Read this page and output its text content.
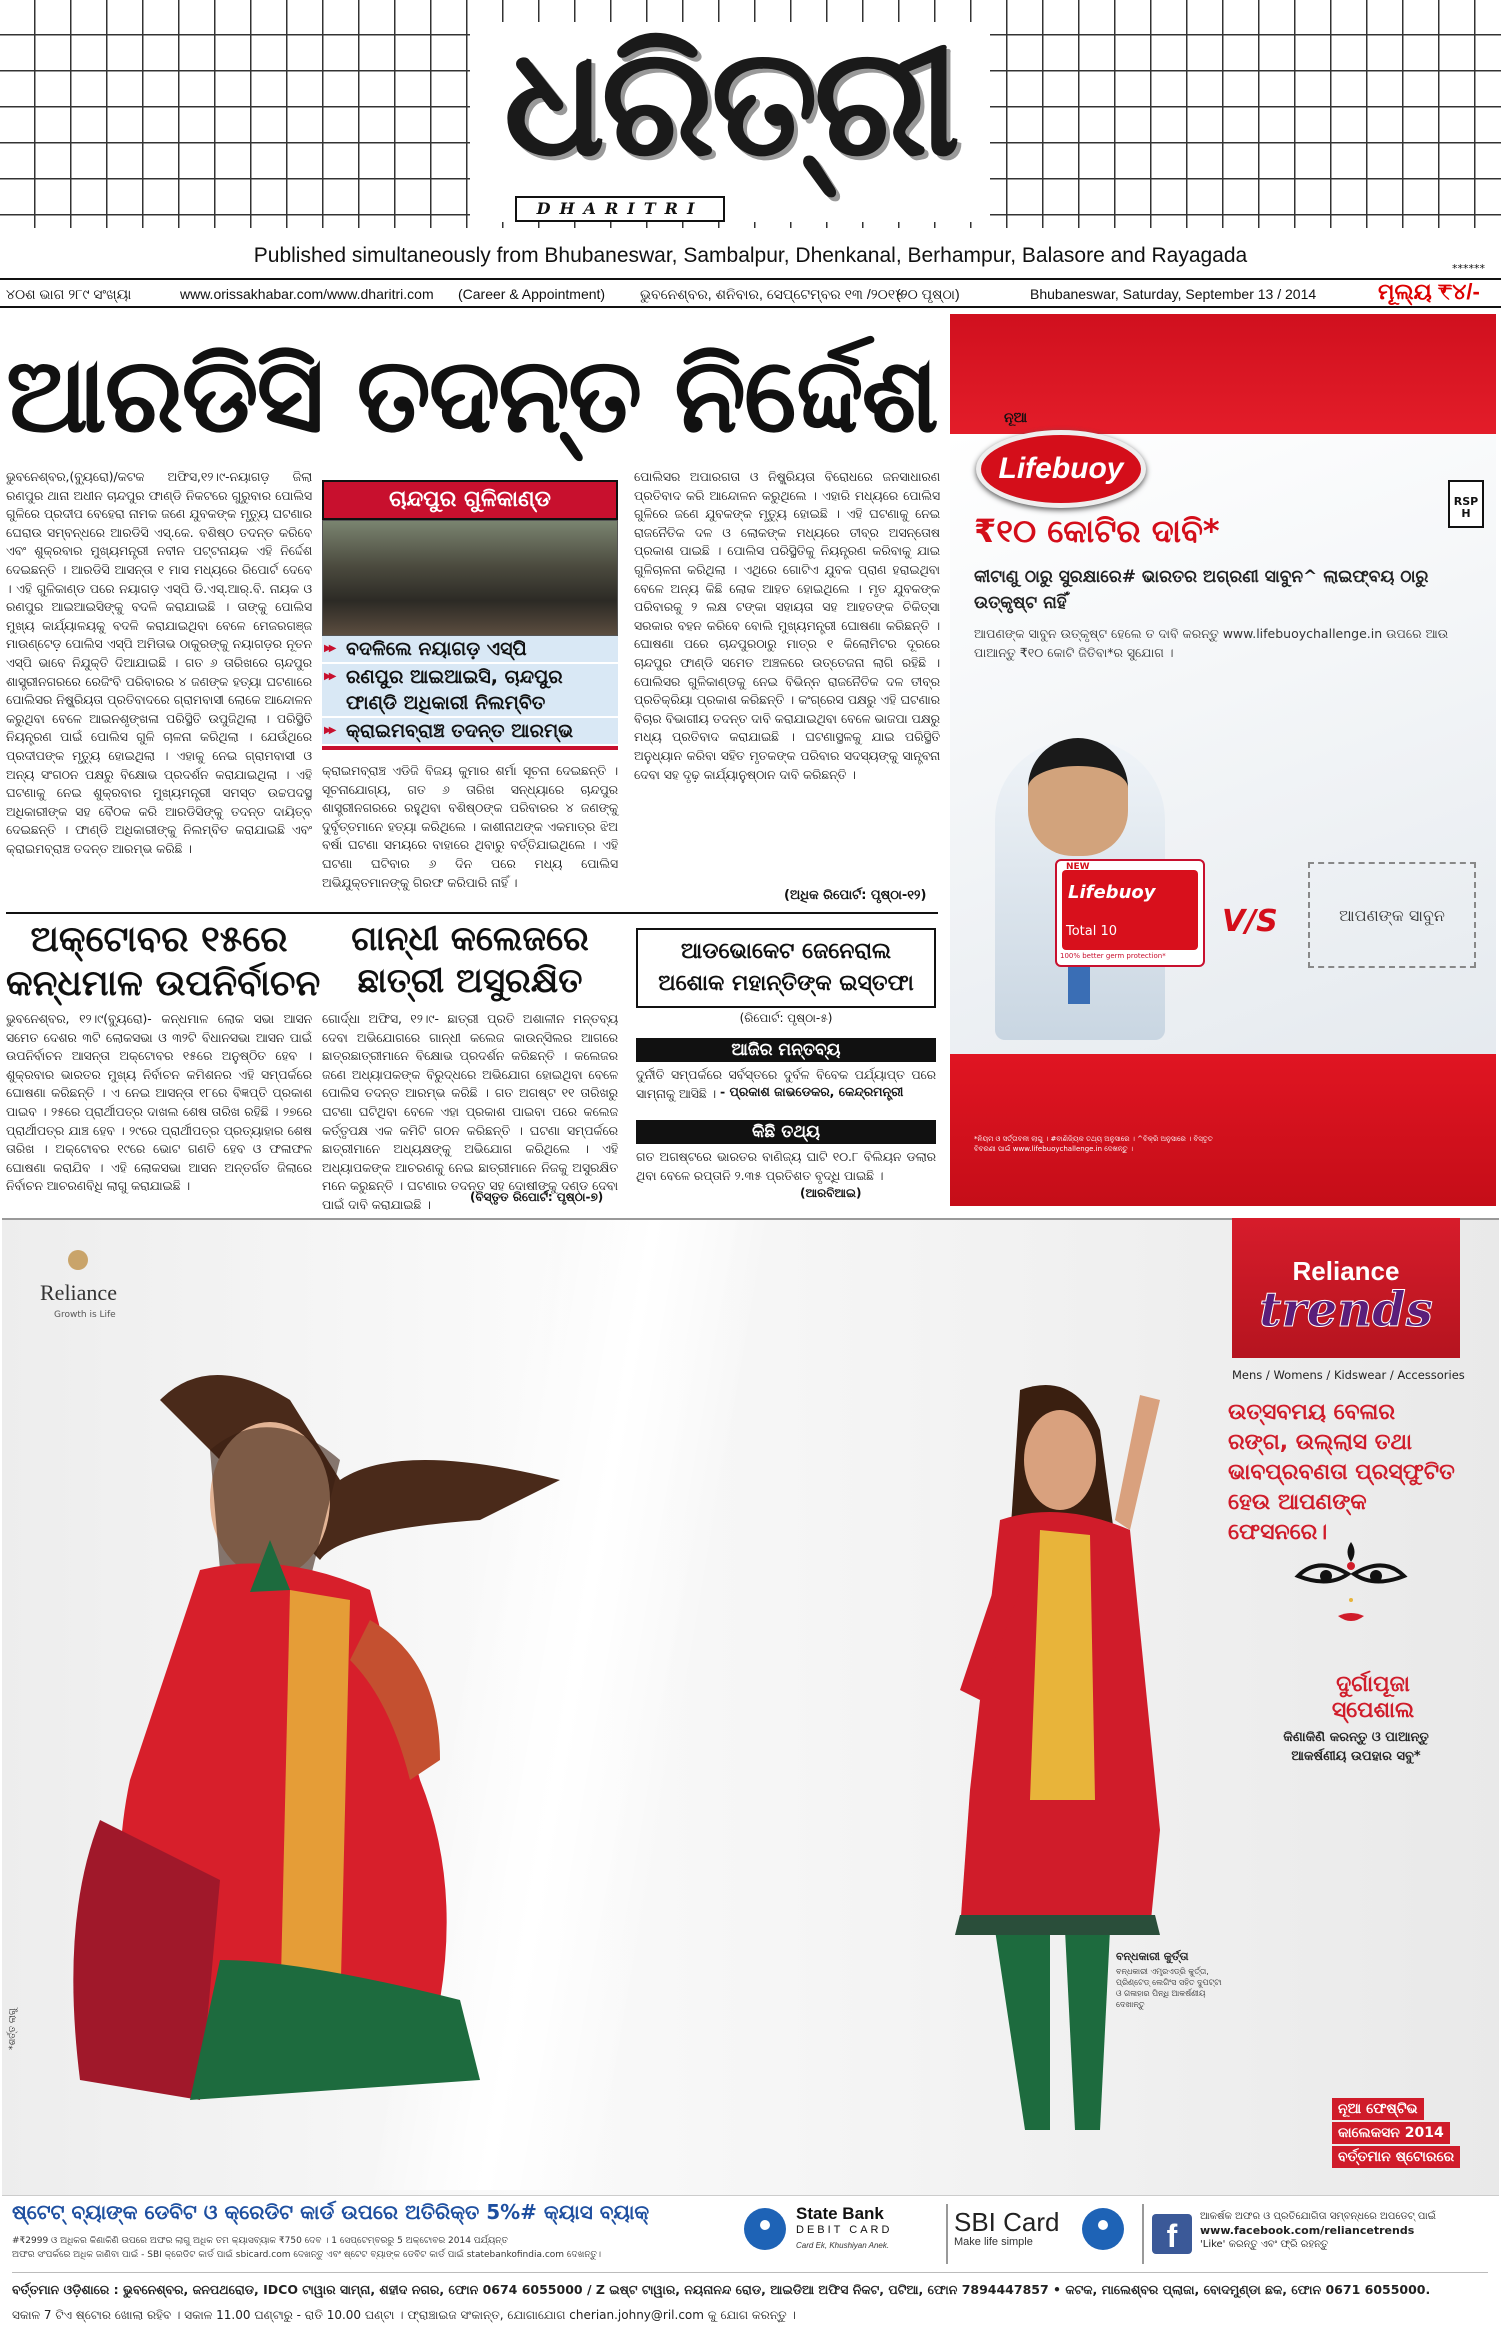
ଧରିତ୍ରୀ
DHARITRI
Published simultaneously from Bhubaneswar, Sambalpur, Dhenkanal, Berhampur, Balasore and Rayagada
******
୪୦ଶ ଭାଗ ୨୮୯ ସଂଖ୍ୟା	www.orissakhabar.com/www.dharitri.com (Career & Appointment) ଭୁବନେଶ୍ବର, ଶନିବାର, ସେପ୍ଟେମ୍ବର ୧୩ /୨୦୧୪
(୨୦ ପୃଷ୍ଠା)	Bhubaneswar, Saturday, September 13 / 2014	ମୂଲ୍ୟ ₹୪/-
ଆରଡିସି ତଦନ୍ତ ନିର୍ଦ୍ଦେଶ
ଭୁବନେଶ୍ବର,(ବ୍ୟୁରୋ)/କଟକ ଅଫିସ,୧୨।୯-ନୟାଗଡ଼ ଜିଲା ରଣପୁର ଥାନା ଅଧୀନ ଚାନ୍ଦପୁର ଫାଣ୍ଡି ନିକଟରେ ଗୁରୁବାର ପୋଲିସ ଗୁଳିରେ ପ୍ରଦୀପ ବେହେରା ନାମକ ଜଣେ ଯୁବକଙ୍କ ମୃତ୍ୟୁ ଘଟଣାର ଘେରାଉ ସମ୍ବନ୍ଧରେ ଆରଡିସି ଏସ୍.କେ. ବଶିଷ୍ଠ ତଦନ୍ତ କରିବେ ଏବଂ ଶୁକ୍ରବାର ମୁଖ୍ୟମନ୍ତ୍ରୀ ନବୀନ ପଟ୍ଟନାୟକ ଏହି ନିର୍ଦ୍ଦେଶ ଦେଇଛନ୍ତି । ଆରଡିସି ଆସନ୍ତା ୧ ମାସ ମଧ୍ୟରେ ରିପୋର୍ଟ ଦେବେ । ଏହି ଗୁଳିକାଣ୍ଡ ପରେ ନୟାଗଡ଼ ଏସ୍ପି ଡି.ଏସ୍.ଆର୍.ବି. ନାୟକ ଓ ରଣପୁର ଆଇଆଇସିଙ୍କୁ ବଦଳି କରାଯାଇଛି । ତାଙ୍କୁ ପୋଲିସ ମୁଖ୍ୟ କାର୍ଯ୍ୟାଳୟକୁ ବଦଳି କରାଯାଇଥିବା ବେଳେ ମେଜରଗଞ୍ଜ ମାଉଣ୍ଟେଡ଼ ପୋଲିସ ଏସ୍ପି ଅମିତାଭ ଠାକୁରଙ୍କୁ ନୟାଗଡ଼ର ନୂତନ ଏସ୍ପି ଭାବେ ନିଯୁକ୍ତି ଦିଆଯାଇଛି । ଗତ ୬ ତାରିଖରେ ଚାନ୍ଦପୁର ଶାସ୍ତ୍ରୀନଗରରେ ରେଜିଂବି ପରିବାରର ୪ ଜଣଙ୍କ ହତ୍ୟା ଘଟଣାରେ ପୋଲିସର ନିଷ୍କ୍ରିୟତା ପ୍ରତିବାଦରେ ଗ୍ରାମବାସୀ ଲୋକେ ଆନ୍ଦୋଳନ କରୁଥିବା ବେଳେ ଆଇନଶୃଙ୍ଖଳା ପରିସ୍ଥିତି ଉପୁଜିଥିଲା । ପରିସ୍ଥିତି ନିୟନ୍ତ୍ରଣ ପାଇଁ ପୋଲିସ ଗୁଳି ଚାଳନା କରିଥିଲା । ଯେଉଁଥିରେ ପ୍ରଦୀପଙ୍କ ମୃତ୍ୟୁ ହୋଇଥିଲା । ଏହାକୁ ନେଇ ଗ୍ରାମବାସୀ ଓ ଅନ୍ୟ ସଂଗଠନ ପକ୍ଷରୁ ବିକ୍ଷୋଭ ପ୍ରଦର୍ଶନ କରାଯାଇଥିଲା । ଏହି ଘଟଣାକୁ ନେଇ ଶୁକ୍ରବାର ମୁଖ୍ୟମନ୍ତ୍ରୀ ସମସ୍ତ ଉଚ୍ଚପଦସ୍ଥ ଅଧିକାରୀଙ୍କ ସହ ବୈଠକ କରି ଆରଡିସିଙ୍କୁ ତଦନ୍ତ ଦାୟିତ୍ବ ଦେଇଛନ୍ତି । ଫାଣ୍ଡି ଅଧିକାରୀଙ୍କୁ ନିଲମ୍ବିତ କରାଯାଇଛି ଏବଂ କ୍ରାଇମବ୍ରାଞ୍ଚ ତଦନ୍ତ ଆରମ୍ଭ କରିଛି ।
ଚାନ୍ଦପୁର ଗୁଳିକାଣ୍ଡ
▶▶ ବଦଳିଲେ ନୟାଗଡ଼ ଏସ୍ପି
▶▶ ରଣପୁର ଆଇଆଇସି, ଚାନ୍ଦପୁର ଫାଣ୍ଡି ଅଧିକାରୀ ନିଲମ୍ବିତ
▶▶ କ୍ରାଇମବ୍ରାଞ୍ଚ ତଦନ୍ତ ଆରମ୍ଭ
କ୍ରାଇମବ୍ରାଞ୍ଚ ଏଡିଜି ବିଜୟ କୁମାର ଶର୍ମା ସୂଚନା ଦେଇଛନ୍ତି । ସୂଚନାଯୋଗ୍ୟ, ଗତ ୬ ତାରିଖ ସନ୍ଧ୍ୟାରେ ଚାନ୍ଦପୁର ଶାସ୍ତ୍ରୀନଗରରେ ରହୁଥିବା ବଶିଷ୍ଠଙ୍କ ପରିବାରର ୪ ଜଣଙ୍କୁ ଦୁର୍ବୃତ୍ତମାନେ ହତ୍ୟା କରିଥିଲେ । କାଶୀନାଥଙ୍କ ଏକମାତ୍ର ଝିଅ ବର୍ଷା ଘଟଣା ସମୟରେ ବାହାରେ ଥିବାରୁ ବର୍ତ୍ତିଯାଇଥିଲେ । ଏହି ଘଟଣା ଘଟିବାର ୬ ଦିନ ପରେ ମଧ୍ୟ ପୋଲିସ ଅଭିଯୁକ୍ତମାନଙ୍କୁ ଗିରଫ କରିପାରି ନାହିଁ ।
ପୋଲିସର ଅପାରଗତା ଓ ନିଷ୍କ୍ରିୟତା ବିରୋଧରେ ଜନସାଧାରଣ ପ୍ରତିବାଦ କରି ଆନ୍ଦୋଳନ କରୁଥିଲେ । ଏହାରି ମଧ୍ୟରେ ପୋଲିସ ଗୁଳିରେ ଜଣେ ଯୁବକଙ୍କ ମୃତ୍ୟୁ ହୋଇଛି । ଏହି ଘଟଣାକୁ ନେଇ ରାଜନୈତିକ ଦଳ ଓ ଲୋକଙ୍କ ମଧ୍ୟରେ ତୀବ୍ର ଅସନ୍ତୋଷ ପ୍ରକାଶ ପାଇଛି । ପୋଲିସ ପରିସ୍ଥିତିକୁ ନିୟନ୍ତ୍ରଣ କରିବାକୁ ଯାଇ ଗୁଳିଚାଳନା କରିଥିଲା । ଏଥିରେ ଗୋଟିଏ ଯୁବକ ପ୍ରାଣ ହରାଇଥିବା ବେଳେ ଅନ୍ୟ କିଛି ଲୋକ ଆହତ ହୋଇଥିଲେ । ମୃତ ଯୁବକଙ୍କ ପରିବାରକୁ ୨ ଲକ୍ଷ ଟଙ୍କା ସହାୟତା ସହ ଆହତଙ୍କ ଚିକିତ୍ସା ସରକାର ବହନ କରିବେ ବୋଲି ମୁଖ୍ୟମନ୍ତ୍ରୀ ଘୋଷଣା କରିଛନ୍ତି । ଘୋଷଣା ପରେ ଚାନ୍ଦପୁରଠାରୁ ମାତ୍ର ୧ କିଲୋମିଟର ଦୂରରେ ଚାନ୍ଦପୁର ଫାଣ୍ଡି ସମେତ ଅଞ୍ଚଳରେ ଉତ୍ତେଜନା ଲାଗି ରହିଛି । ପୋଲିସର ଗୁଳିକାଣ୍ଡକୁ ନେଇ ବିଭିନ୍ନ ରାଜନୈତିକ ଦଳ ତୀବ୍ର ପ୍ରତିକ୍ରିୟା ପ୍ରକାଶ କରିଛନ୍ତି । କଂଗ୍ରେସ ପକ୍ଷରୁ ଏହି ଘଟଣାର ବିଚାର ବିଭାଗୀୟ ତଦନ୍ତ ଦାବି କରାଯାଇଥିବା ବେଳେ ଭାଜପା ପକ୍ଷରୁ ମଧ୍ୟ ପ୍ରତିବାଦ କରାଯାଇଛି । ଘଟଣାସ୍ଥଳକୁ ଯାଇ ପରିସ୍ଥିତି ଅନୁଧ୍ୟାନ କରିବା ସହିତ ମୃତକଙ୍କ ପରିବାର ସଦସ୍ୟଙ୍କୁ ସାନ୍ତ୍ବନା ଦେବା ସହ ଦୃଢ଼ କାର୍ଯ୍ୟାନୁଷ୍ଠାନ ଦାବି କରିଛନ୍ତି ।
(ଅଧିକ ରିପୋର୍ଟ: ପୃଷ୍ଠା-୧୨)
ଅକ୍ଟୋବର ୧୫ରେ
କନ୍ଧମାଳ ଉପନିର୍ବାଚନ
ଭୁବନେଶ୍ବର, ୧୨।୯(ବ୍ୟୁରୋ)- କନ୍ଧମାଳ ଲୋକ ସଭା ଆସନ ସମେତ ଦେଶର ୩ଟି ଲୋକସଭା ଓ ୩୨ଟି ବିଧାନସଭା ଆସନ ପାଇଁ ଉପନିର୍ବାଚନ ଆସନ୍ତା ଅକ୍ଟୋବର ୧୫ରେ ଅନୁଷ୍ଠିତ ହେବ । ଶୁକ୍ରବାର ଭାରତର ମୁଖ୍ୟ ନିର୍ବାଚନ କମିଶନର ଏହି ସମ୍ପର୍କରେ ଘୋଷଣା କରିଛନ୍ତି । ଏ ନେଇ ଆସନ୍ତା ୧୮ରେ ବିଜ୍ଞପ୍ତି ପ୍ରକାଶ ପାଇବ । ୨୫ରେ ପ୍ରାର୍ଥୀପତ୍ର ଦାଖଲ ଶେଷ ତାରିଖ ରହିଛି । ୨୭ରେ ପ୍ରାର୍ଥୀପତ୍ର ଯାଞ୍ଚ ହେବ । ୨୯ରେ ପ୍ରାର୍ଥୀପତ୍ର ପ୍ରତ୍ୟାହାର ଶେଷ ତାରିଖ । ଅକ୍ଟୋବର ୧୯ରେ ଭୋଟ ଗଣତି ହେବ ଓ ଫଳାଫଳ ଘୋଷଣା କରାଯିବ । ଏହି ଲୋକସଭା ଆସନ ଅନ୍ତର୍ଗତ ଜିଲାରେ ନିର୍ବାଚନ ଆଚରଣବିଧି ଲାଗୁ କରାଯାଇଛି ।
ଗାନ୍ଧୀ କଲେଜରେ
ଛାତ୍ରୀ ଅସୁରକ୍ଷିତ
ଗୋର୍ଦ୍ଧା ଅଫିସ, ୧୨।୯- ଛାତ୍ରୀ ପ୍ରତି ଅଶାଳୀନ ମନ୍ତବ୍ୟ ଦେବା ଅଭିଯୋଗରେ ଗାନ୍ଧୀ କଲେଜ କାଉନ୍ସିଲର ଆଗରେ ଛାତ୍ରଛାତ୍ରୀମାନେ ବିକ୍ଷୋଭ ପ୍ରଦର୍ଶନ କରିଛନ୍ତି । କଲେଜର ଜଣେ ଅଧ୍ୟାପକଙ୍କ ବିରୁଦ୍ଧରେ ଅଭିଯୋଗ ହୋଇଥିବା ବେଳେ ପୋଲିସ ତଦନ୍ତ ଆରମ୍ଭ କରିଛି । ଗତ ଅଗଷ୍ଟ ୧୧ ତାରିଖରୁ ଘଟଣା ଘଟିଥିବା ବେଳେ ଏହା ପ୍ରକାଶ ପାଇବା ପରେ କଲେଜ କର୍ତ୍ତୃପକ୍ଷ ଏକ କମିଟି ଗଠନ କରିଛନ୍ତି । ଘଟଣା ସମ୍ପର୍କରେ ଛାତ୍ରୀମାନେ ଅଧ୍ୟକ୍ଷଙ୍କୁ ଅଭିଯୋଗ କରିଥିଲେ । ଏହି ଅଧ୍ୟାପକଙ୍କ ଆଚରଣକୁ ନେଇ ଛାତ୍ରୀମାନେ ନିଜକୁ ଅସୁରକ୍ଷିତ ମନେ କରୁଛନ୍ତି । ଘଟଣାର ତଦନ୍ତ ସହ ଦୋଷୀଙ୍କୁ ଦଣ୍ଡ ଦେବା ପାଇଁ ଦାବି କରାଯାଇଛି ।
(ବିସ୍ତୃତ ରିପୋର୍ଟ: ପୃଷ୍ଠା-୭)
ଆଡଭୋକେଟ ଜେନେରାଲ
ଅଶୋକ ମହାନ୍ତିଙ୍କ ଇସ୍ତଫା
(ରିପୋର୍ଟ: ପୃଷ୍ଠା-୫)
ଆଜିର ମନ୍ତବ୍ୟ
ଦୁର୍ନୀତି ସମ୍ପର୍କରେ ସର୍ବସ୍ତରେ ଦୁର୍ବଳ ବିବେକ ପର୍ଯ୍ୟାପ୍ତ ପରେ ସାମ୍ନାକୁ ଆସିଛି । - ପ୍ରକାଶ ଜାଭଡେକର, କେନ୍ଦ୍ରମନ୍ତ୍ରୀ
କିଛି ତଥ୍ୟ
ଗତ ଅଗଷ୍ଟରେ ଭାରତର ବାଣିଜ୍ୟ ଘାଟି ୧୦.୮ ବିଲିୟନ ଡଲାର ଥିବା ବେଳେ ରପ୍ତାନି ୨.୩୫ ପ୍ରତିଶତ ବୃଦ୍ଧି ପାଇଛି ।
(ଆରବିଆଇ)
ନୂଆ
Lifebuoy
RSPH
₹୧୦ କୋଟିର ଦାବି*
କୀଟାଣୁ ଠାରୁ ସୁରକ୍ଷାରେ# ଭାରତର ଅଗ୍ରଣୀ ସାବୁନ^ ଲାଇଫ୍‌ବୟ ଠାରୁ ଉତ୍କୃଷ୍ଟ ନାହିଁ
ଆପଣଙ୍କ ସାବୁନ ଉତ୍କୃଷ୍ଟ ହେଲେ ତ ଦାବି କରନ୍ତୁ www.lifebuoychallenge.in ଉପରେ ଆଉ ପାଆନ୍ତୁ ₹୧୦ କୋଟି ଜିତିବା*ର ସୁଯୋଗ ।
NEW
Lifebuoy
Total 10
100% better germ protection*
V/S	ଆପଣଙ୍କ ସାବୁନ
*ନିୟମ ଓ ସର୍ତ୍ତାବଳୀ ଲାଗୁ । #ବାଣିଜ୍ୟିକ ତଥ୍ୟ ଅନୁସାରେ । ^ବିକ୍ରି ଅନୁସାରେ । ବିସ୍ତୃତ ବିବରଣୀ ପାଇଁ www.lifebuoychallenge.in ଦେଖନ୍ତୁ ।
Reliance
Growth is Life
Reliance
trends
Mens / Womens / Kidswear / Accessories
ଉତ୍ସବମୟ ବେଳାର ରଙ୍ଗ, ଉଲ୍ଲାସ ତଥା ଭାବପ୍ରବଣତା ପ୍ରସ୍ଫୁଟିତ ହେଉ ଆପଣଙ୍କ ଫେସନରେ।
ଦୁର୍ଗାପୂଜା ସ୍ପେଶାଲ
କିଣାକିଣି କରନ୍ତୁ ଓ ପାଆନ୍ତୁ ଆକର୍ଷଣୀୟ ଉପହାର ସବୁ*
*ଶର୍ତ୍ତ ଲାଗୁ
ବନ୍ଧକାରୀ କୁର୍ତ୍ତା
ବନ୍ଧକାରୀ ଏମ୍ବ୍ରଏଡ୍ରି କୁର୍ତ୍ତା, ପ୍ରିଣ୍ଟେଡ୍ ଲେଗିଂସ ସହିତ ଦୁପଟ୍ଟା ଓ ଗଳାହାର ପିନ୍ଧି ଆକର୍ଷଣୀୟ ଦେଖାନ୍ତୁ
ନୂଆ ଫେଷ୍ଟିଭ କାଲେକସନ 2014 ବର୍ତ୍ତମାନ ଷ୍ଟୋରରେ
ଷ୍ଟେଟ୍ ବ୍ୟାଙ୍କ ଡେବିଟ ଓ କ୍ରେଡିଟ କାର୍ଡ ଉପରେ ଅତିରିକ୍ତ 5%# କ୍ୟାସ ବ୍ୟାକ୍
#₹2999 ଓ ଅଧିକର କିଣାକିଣି ଉପରେ ଅଫର ଲାଗୁ ଅଧିକ ତମ କ୍ୟାସବ୍ୟାକ ₹750 ଦେବ । 1 ସେପ୍ଟେମ୍ବରରୁ 5 ଅକ୍ଟୋବର 2014 ପର୍ଯ୍ୟନ୍ତ
ଅଫର ସଂପର୍କରେ ଅଧିକ ଜାଣିବା ପାଇଁ - SBI କ୍ରେଡିଟ କାର୍ଡ ପାଇଁ sbicard.com ଦେଖନ୍ତୁ ଏବଂ ଷ୍ଟେଟ ବ୍ୟାଙ୍କ ଡେବିଟ କାର୍ଡ ପାଇଁ statebankofindia.com ଦେଖନ୍ତୁ।
State Bank
DEBIT CARD
Card Ek, Khushiyan Anek.
SBI Card
Make life simple	f
ଆକର୍ଷକ ଅଫର ଓ ପ୍ରତିଯୋଗିତା ସମ୍ବନ୍ଧରେ ଅପଡେଟ୍ ପାଇଁ
www.facebook.com/reliancetrends
'Like' କରନ୍ତୁ ଏବଂ ଫ୍ରି ରହନ୍ତୁ
ବର୍ତ୍ତମାନ ଓଡ଼ିଶାରେ : ଭୁବନେଶ୍ବର, ଜନପଥରୋଡ, IDCO ଟାୱାର ସାମ୍ନା, ଶହୀଦ ନଗର, ଫୋନ 0674 6055000 / Z ଇଷ୍ଟ ଟାୱାର, ନୟନାନନ୍ଦ ରୋଡ, ଆଇଡିଆ ଅଫିସ ନିକଟ, ପଟିଆ, ଫୋନ 7894447857 • କଟକ, ମାଲେଶ୍ବର ପ୍ଲାଜା, ବୋଦମୁଣ୍ଡା ଛକ, ଫୋନ 0671 6055000.
ସକାଳ 7 ଟିଏ ଷ୍ଟୋର ଖୋଲା ରହିବ । ସକାଳ 11.00 ଘଣ୍ଟାରୁ - ରାତି 10.00 ଘଣ୍ଟା । ଫ୍ରାଞ୍ଚାଇଜ ସଂକାନ୍ତ, ଯୋଗାଯୋଗ cherian.johny@ril.com କୁ ଯୋଗ କରନ୍ତୁ ।
